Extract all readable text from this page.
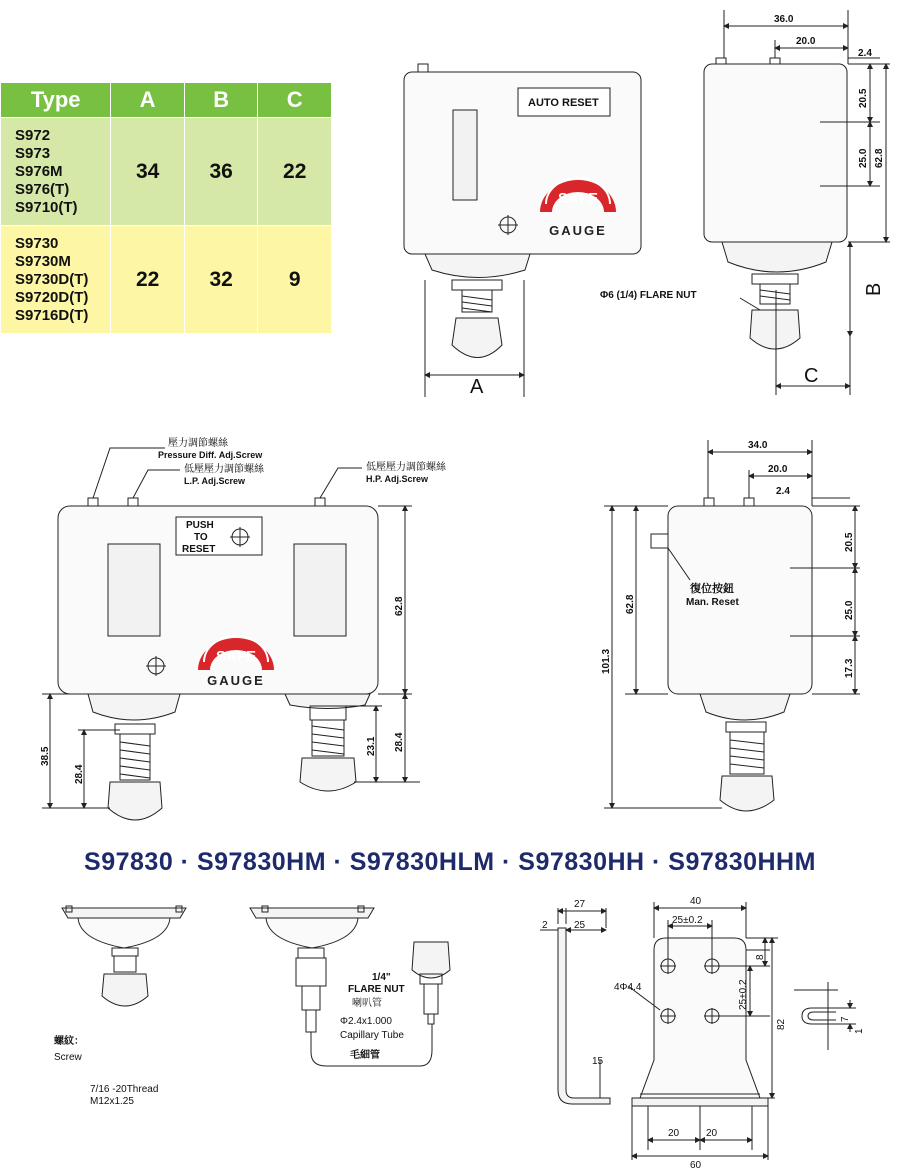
Type	A	B	C

S972
S973
S976M
S976(T)
S9710(T)	34	36	22

S9730
S9730M
S9730D(T)
S9720D(T)
S9716D(T)	22	32	9
SAFE
GAUGE
SAFE
GAUGE
AUTO RESET
A
36.0
20.0
2.4
20.5
25.0 62.8
B
C
Φ6 (1/4) FLARE NUT
壓力調節螺絲
Pressure Diff. Adj.Screw
低壓壓力調節螺絲
L.P. Adj.Screw
低壓壓力調節螺絲
H.P. Adj.Screw
PUSH
TO
RESET
62.8
38.5
28.4
23.1 28.4
34.0
20.0
2.4
20.5
25.0
17.3
62.8
101.3
復位按鈕
Man. Reset
螺紋：
Screw
7/16 -20Thread
M12x1.25
1/4"
FLARE NUT
喇叭管
Φ2.4x1.000
Capillary Tube
毛細管
27
2	25
15
40
25±0.2
8
25±0.2
82
4Φ4.4
20	20
60
7
1
S97830 · S97830HM · S97830HLM · S97830HH · S97830HHM
